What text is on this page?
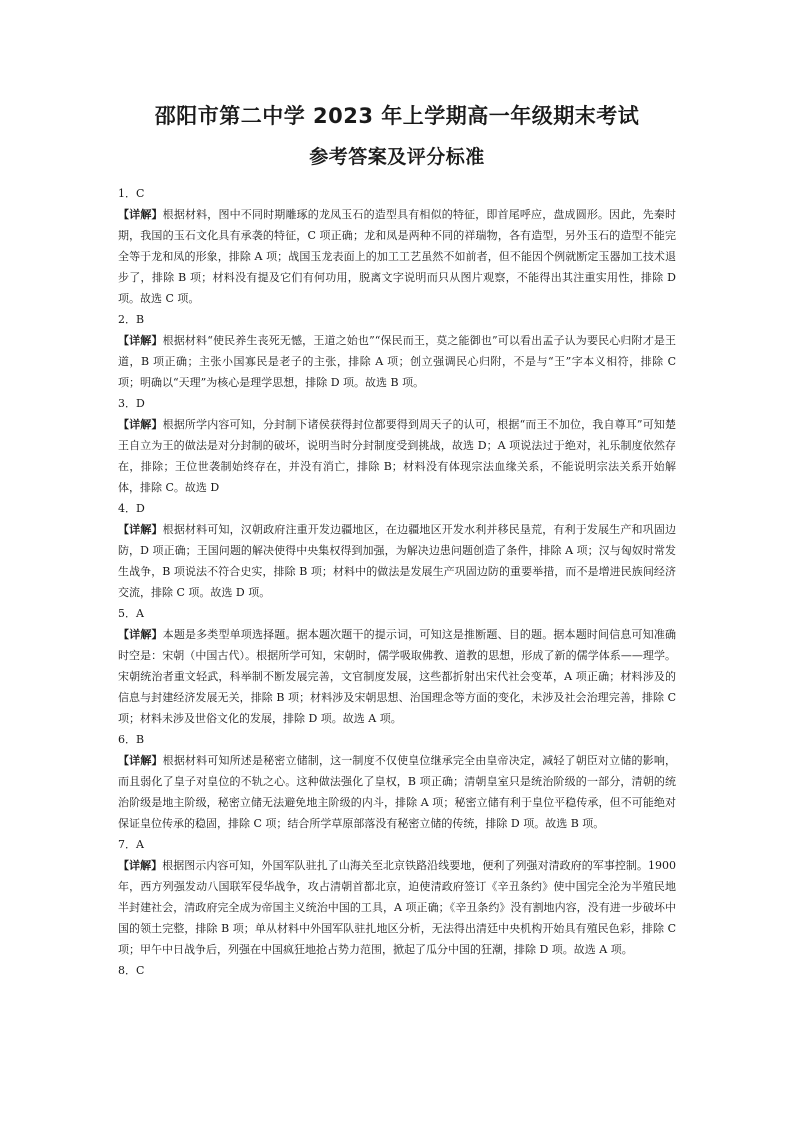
邵阳市第二中学 2023 年上学期高一年级期末考试
参考答案及评分标准
1．C
【详解】根据材料，图中不同时期雕琢的龙凤玉石的造型具有相似的特征，即首尾呼应，盘成圆形。因此，先秦时期，我国的玉石文化具有承袭的特征，C 项正确；龙和凤是两种不同的祥瑞物，各有造型，另外玉石的造型不能完全等于龙和凤的形象，排除 A 项；战国玉龙表面上的加工工艺虽然不如前者，但不能因个例就断定玉器加工技术退步了，排除 B 项；材料没有提及它们有何功用，脱离文字说明而只从图片观察，不能得出其注重实用性，排除 D 项。故选 C 项。
2．B
【详解】根据材料“使民养生丧死无憾，王道之始也”“保民而王，莫之能御也”可以看出孟子认为要民心归附才是王道，B 项正确；主张小国寡民是老子的主张，排除 A 项；创立强调民心归附，不是与“王”字本义相符，排除 C 项；明确以“天理”为核心是理学思想，排除 D 项。故选 B 项。
3．D
【详解】根据所学内容可知，分封制下诸侯获得封位都要得到周天子的认可，根据“而王不加位，我自尊耳”可知楚王自立为王的做法是对分封制的破坏，说明当时分封制度受到挑战，故选 D；A 项说法过于绝对，礼乐制度依然存在，排除；王位世袭制始终存在，并没有消亡，排除 B；材料没有体现宗法血缘关系，不能说明宗法关系开始解体，排除 C。故选 D
4．D
【详解】根据材料可知，汉朝政府注重开发边疆地区，在边疆地区开发水利并移民垦荒，有利于发展生产和巩固边防，D 项正确；王国问题的解决使得中央集权得到加强，为解决边患问题创造了条件，排除 A 项；汉与匈奴时常发生战争，B 项说法不符合史实，排除 B 项；材料中的做法是发展生产巩固边防的重要举措，而不是增进民族间经济交流，排除 C 项。故选 D 项。
5．A
【详解】本题是多类型单项选择题。据本题次题干的提示词，可知这是推断题、目的题。据本题时间信息可知准确时空是：宋朝（中国古代）。根据所学可知，宋朝时，儒学吸取佛教、道教的思想，形成了新的儒学体系——理学。宋朝统治者重文轻武，科举制不断发展完善，文官制度发展，这些都折射出宋代社会变革，A 项正确；材料涉及的信息与封建经济发展无关，排除 B 项；材料涉及宋朝思想、治国理念等方面的变化，未涉及社会治理完善，排除 C 项；材料未涉及世俗文化的发展，排除 D 项。故选 A 项。
6．B
【详解】根据材料可知所述是秘密立储制，这一制度不仅使皇位继承完全由皇帝决定，减轻了朝臣对立储的影响，而且弱化了皇子对皇位的不轨之心。这种做法强化了皇权，B 项正确；清朝皇室只是统治阶级的一部分，清朝的统治阶级是地主阶级，秘密立储无法避免地主阶级的内斗，排除 A 项；秘密立储有利于皇位平稳传承，但不可能绝对保证皇位传承的稳固，排除 C 项；结合所学草原部落没有秘密立储的传统，排除 D 项。故选 B 项。
7．A
【详解】根据图示内容可知，外国军队驻扎了山海关至北京铁路沿线要地，便利了列强对清政府的军事控制。1900 年，西方列强发动八国联军侵华战争，攻占清朝首都北京，迫使清政府签订《辛丑条约》使中国完全沦为半殖民地半封建社会，清政府完全成为帝国主义统治中国的工具，A 项正确；《辛丑条约》没有割地内容，没有进一步破坏中国的领土完整，排除 B 项；单从材料中外国军队驻扎地区分析，无法得出清廷中央机构开始具有殖民色彩，排除 C 项；甲午中日战争后，列强在中国疯狂地抢占势力范围，掀起了瓜分中国的狂潮，排除 D 项。故选 A 项。
8．C
